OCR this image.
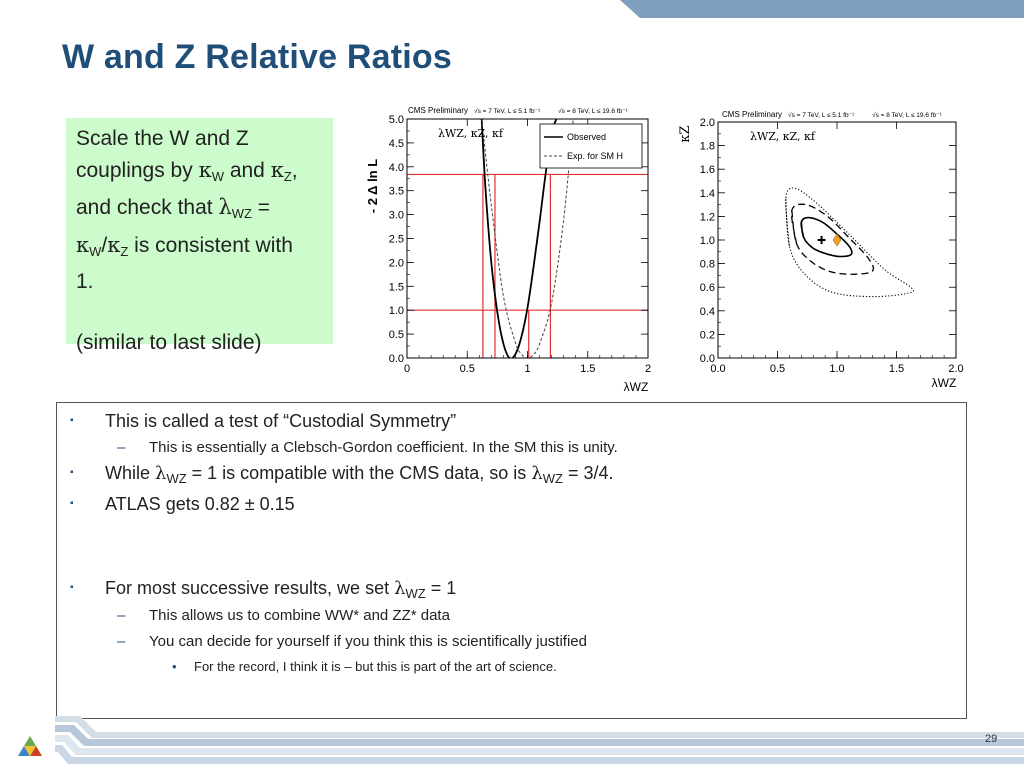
W and Z Relative Ratios

Scale the W and Z
couplings by $\kappa_W$ and $\kappa_Z$,
and check that $\lambda_{WZ}$ =
$\kappa_W/\kappa_Z$ is consistent with
1.

(similar to last slide)

CMS Preliminary √s = 7 TeV, L ≤ 5.1 fb⁻¹	√s = 8 TeV, L ≤ 19.6 fb⁻¹
- 2 Δ ln L
λWZ
0	0.5	1	1.5	2
0.0
0.5
1.0
1.5
2.0
2.5
3.0
3.5
4.0
4.5
5.0
λWZ, κZ, κf	Observed
Exp. for SM H
CMS Preliminary √s = 7 TeV, L ≤ 5.1 fb⁻¹	√s = 8 TeV, L ≤ 19.6 fb⁻¹
κZ
λWZ
0.0	0.5	1.0	1.5	2.0
0.0
0.2
0.4
0.6
0.8
1.0
1.2
1.4
1.6
1.8
2.0
λWZ, κZ, κf
▪ This is called a test of “Custodial Symmetry”
– This is essentially a Clebsch-Gordon coefficient. In the SM this is unity.
▪ While $\lambda_{WZ} = 1$ is compatible with the CMS data, so is $\lambda_{WZ} = 3/4$.
▪ ATLAS gets 0.82 ± 0.15
▪ For most successive results, we set $\lambda_{WZ} = 1$
– This allows us to combine WW* and ZZ* data
– You can decide for yourself if you think this is scientifically justified
• For the record, I think it is – but this is part of the art of science.
29
